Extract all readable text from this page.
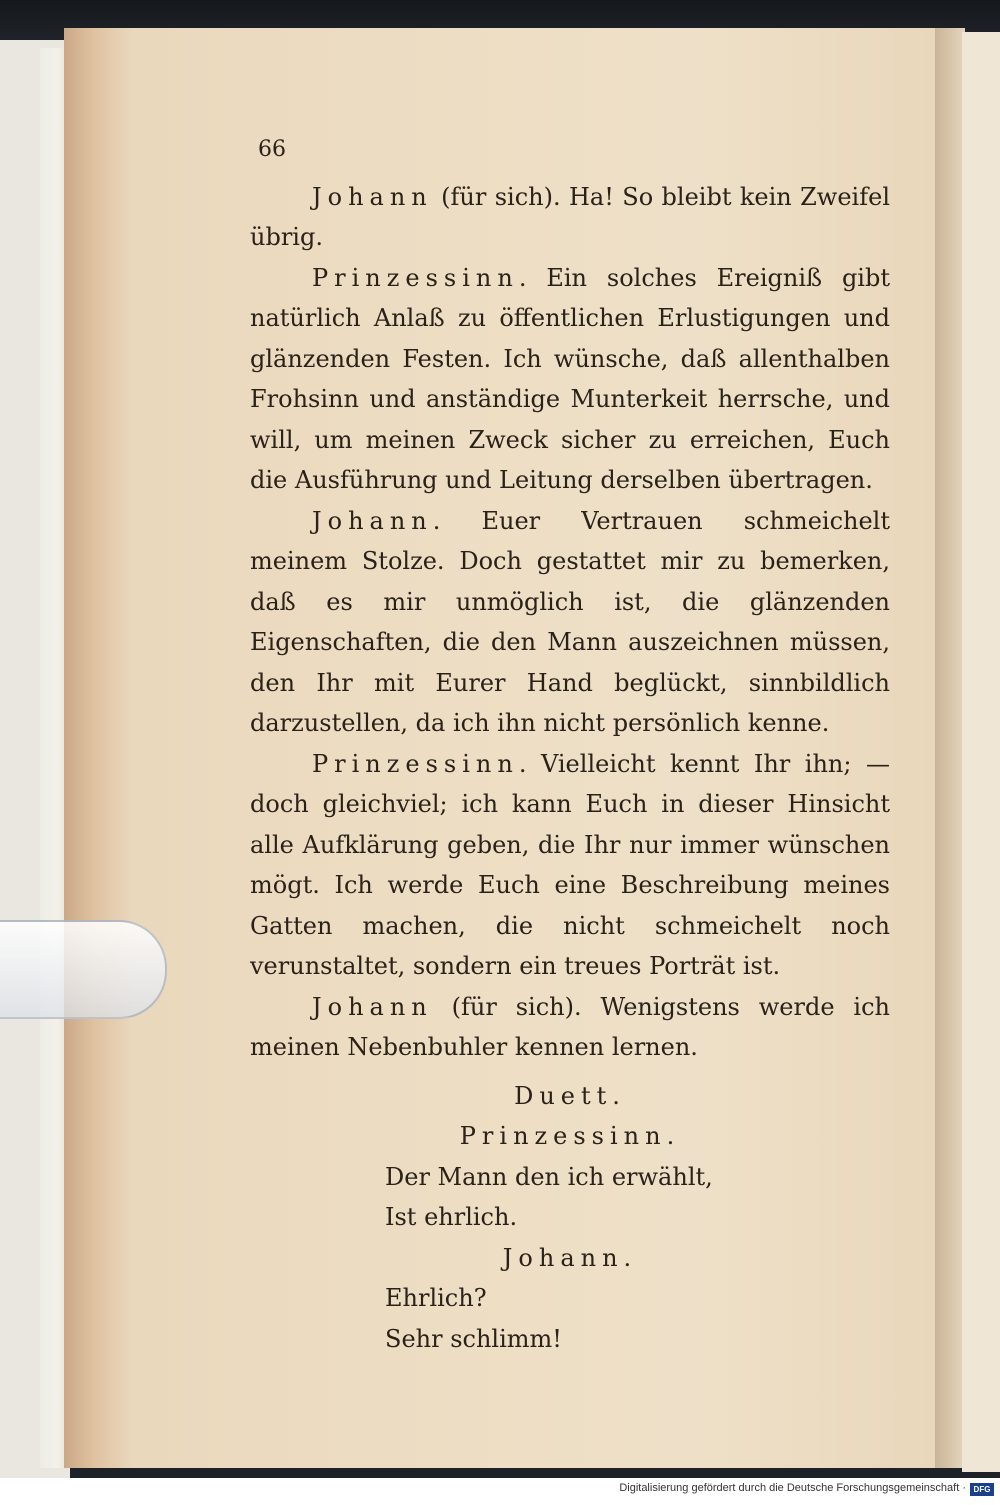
66

Johann (für sich). Ha! So bleibt kein Zweifel übrig.

Prinzessinn. Ein solches Ereigniß gibt natürlich Anlaß zu öffentlichen Erlustigungen und glänzenden Festen. Ich wünsche, daß allenthalben Frohsinn und anständige Munterkeit herrsche, und will, um meinen Zweck sicher zu erreichen, Euch die Ausführung und Leitung derselben übertragen.

Johann. Euer Vertrauen schmeichelt meinem Stolze. Doch gestattet mir zu bemerken, daß es mir unmöglich ist, die glänzenden Eigenschaften, die den Mann auszeichnen müssen, den Ihr mit Eurer Hand beglückt, sinnbildlich darzustellen, da ich ihn nicht persönlich kenne.

Prinzessinn. Vielleicht kennt Ihr ihn; — doch gleichviel; ich kann Euch in dieser Hinsicht alle Aufklärung geben, die Ihr nur immer wünschen mögt. Ich werde Euch eine Beschreibung meines Gatten machen, die nicht schmeichelt noch verunstaltet, sondern ein treues Porträt ist.

Johann (für sich). Wenigstens werde ich meinen Nebenbuhler kennen lernen.

Duett.

Prinzessinn.

Der Mann den ich erwählt,

Ist ehrlich.

Johann.

Ehrlich?

Sehr schlimm!

Digitalisierung gefördert durch die Deutsche Forschungsgemeinschaft · DFG
